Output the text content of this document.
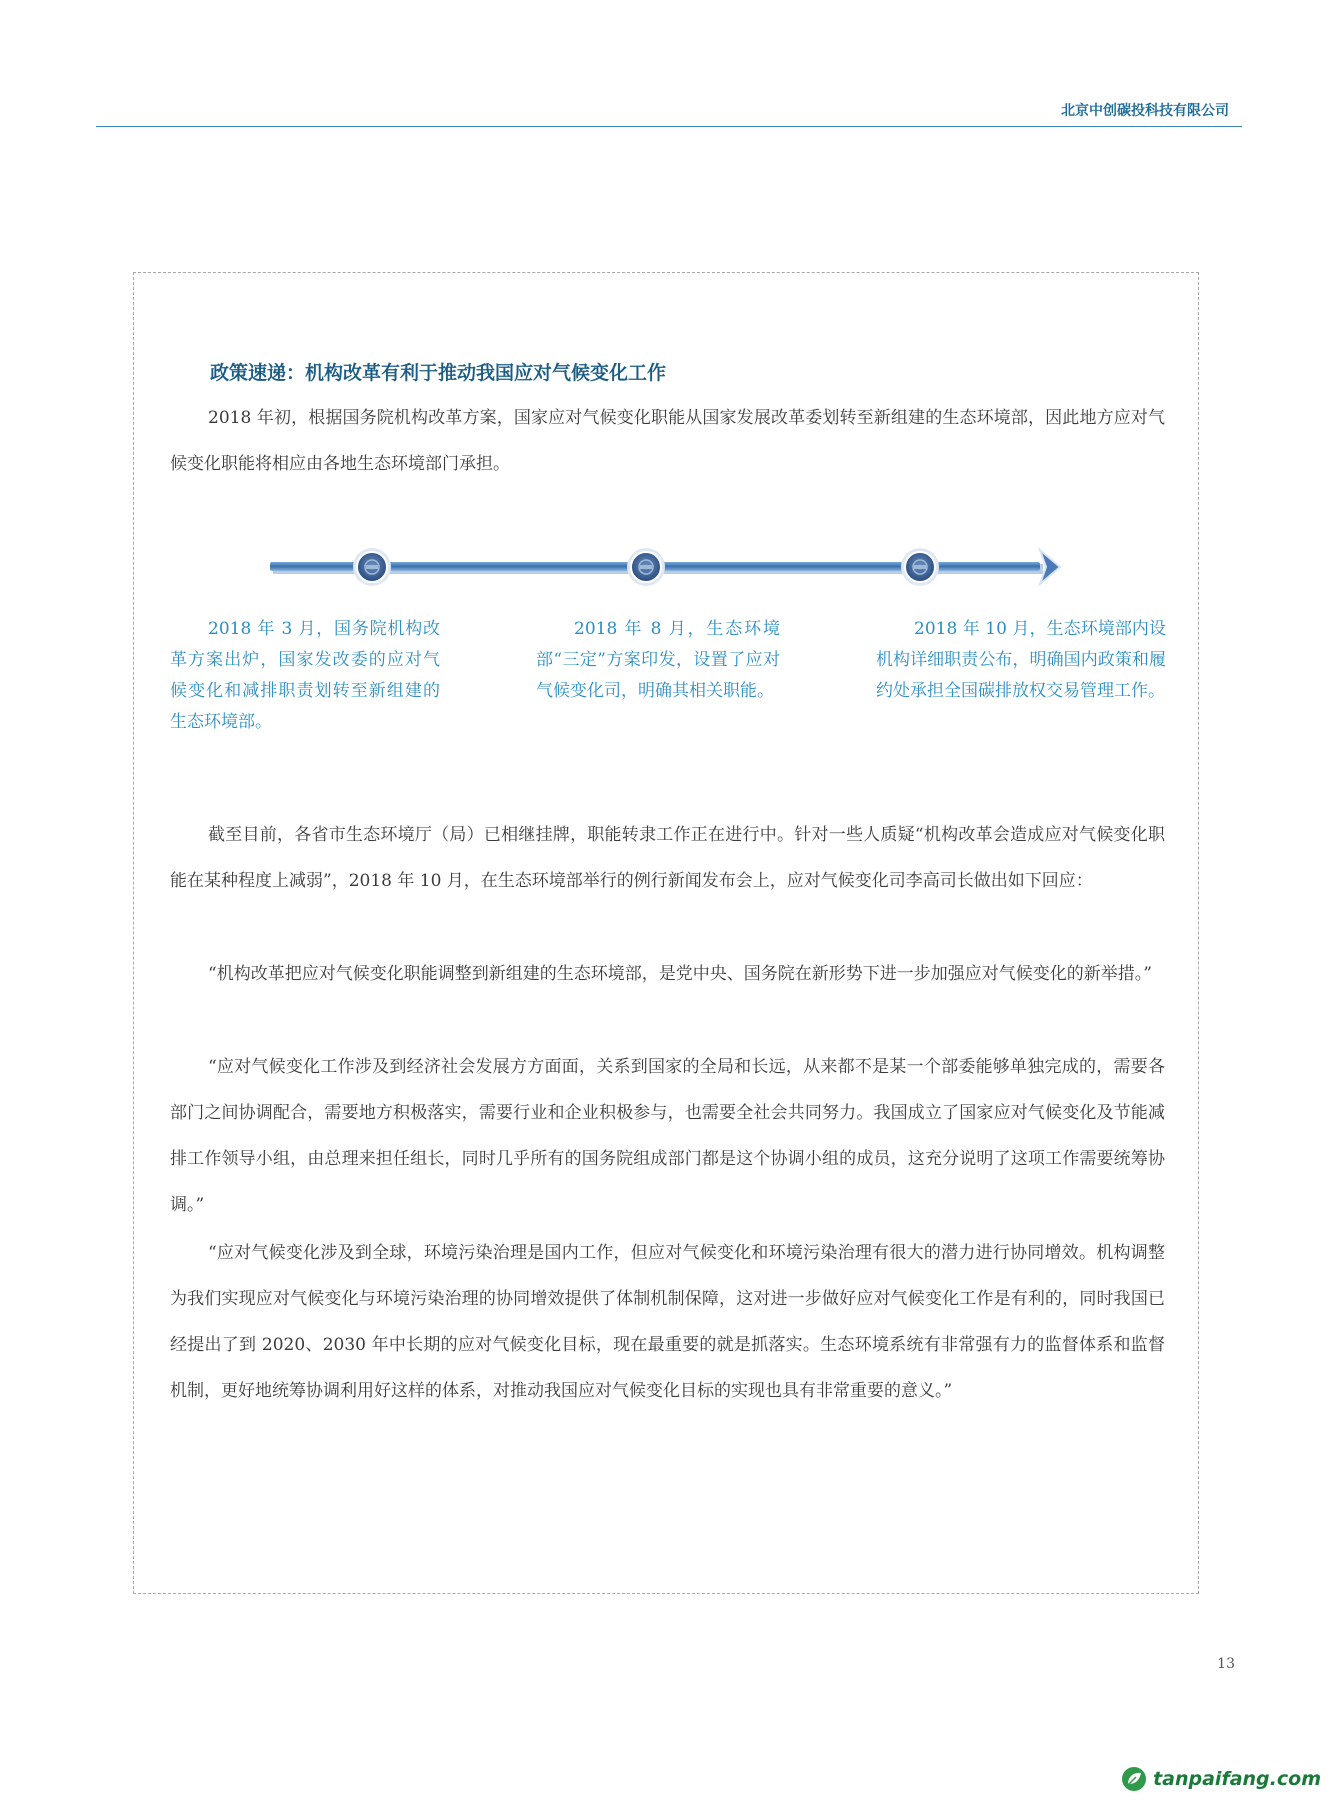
北京中创碳投科技有限公司
政策速递：机构改革有利于推动我国应对气候变化工作

2018 年初，根据国务院机构改革方案，国家应对气候变化职能从国家发展改革委划转至新组建的生态环境部，因此地方应对气候变化职能将相应由各地生态环境部门承担。

2018 年 3 月，国务院机构改革方案出炉，国家发改委的应对气候变化和减排职责划转至新组建的生态环境部。

2018 年 8 月，生态环境部“三定”方案印发，设置了应对气候变化司，明确其相关职能。

2018 年 10 月，生态环境部内设机构详细职责公布，明确国内政策和履约处承担全国碳排放权交易管理工作。

截至目前，各省市生态环境厅（局）已相继挂牌，职能转隶工作正在进行中。针对一些人质疑“机构改革会造成应对气候变化职能在某种程度上减弱”，2018 年 10 月，在生态环境部举行的例行新闻发布会上，应对气候变化司李高司长做出如下回应：

“机构改革把应对气候变化职能调整到新组建的生态环境部，是党中央、国务院在新形势下进一步加强应对气候变化的新举措。”

“应对气候变化工作涉及到经济社会发展方方面面，关系到国家的全局和长远，从来都不是某一个部委能够单独完成的，需要各部门之间协调配合，需要地方积极落实，需要行业和企业积极参与，也需要全社会共同努力。我国成立了国家应对气候变化及节能减排工作领导小组，由总理来担任组长，同时几乎所有的国务院组成部门都是这个协调小组的成员，这充分说明了这项工作需要统筹协调。”

“应对气候变化涉及到全球，环境污染治理是国内工作，但应对气候变化和环境污染治理有很大的潜力进行协同增效。机构调整为我们实现应对气候变化与环境污染治理的协同增效提供了体制机制保障，这对进一步做好应对气候变化工作是有利的，同时我国已经提出了到 2020、2030 年中长期的应对气候变化目标，现在最重要的就是抓落实。生态环境系统有非常强有力的监督体系和监督机制，更好地统筹协调利用好这样的体系，对推动我国应对气候变化目标的实现也具有非常重要的意义。”

13
tanpaifang.com
